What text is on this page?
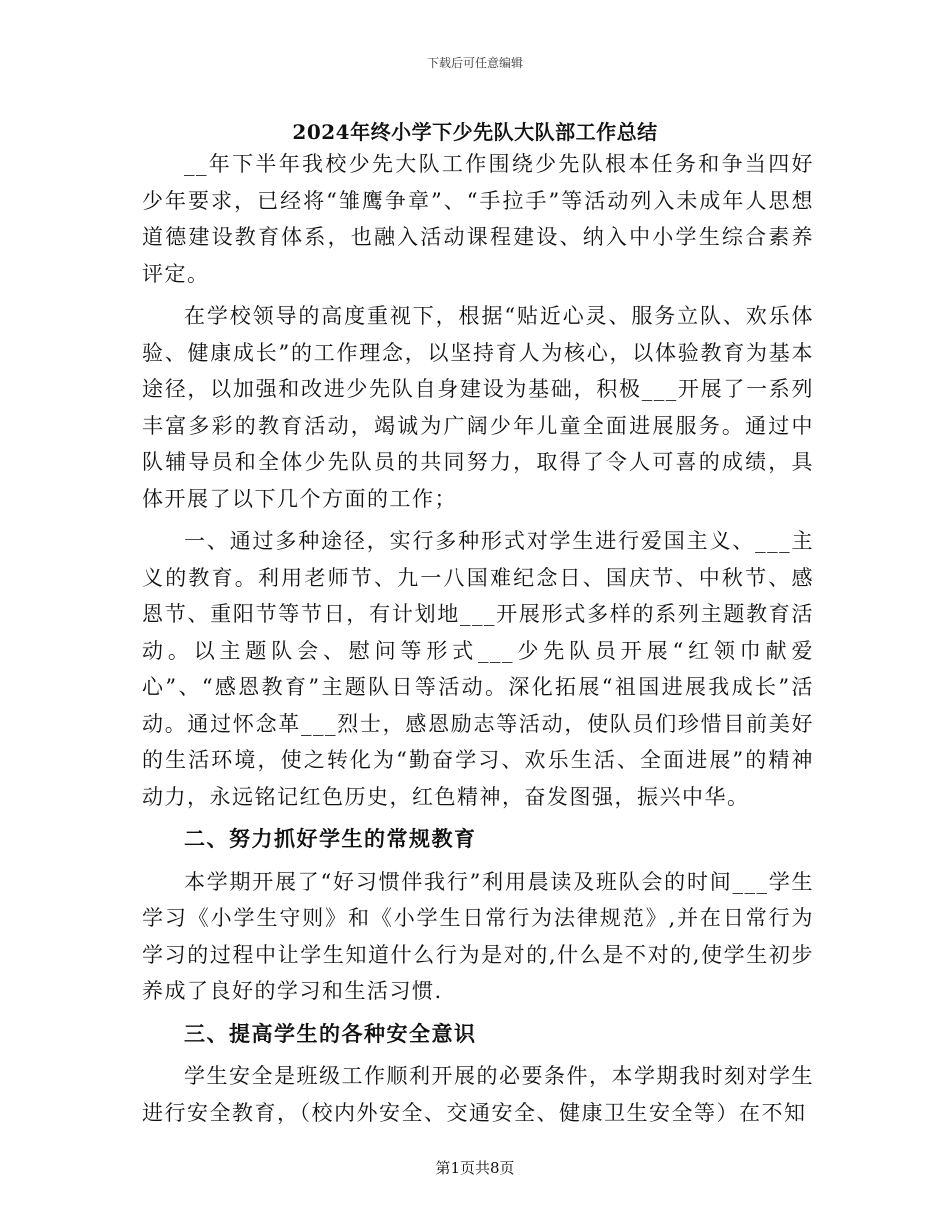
下载后可任意编辑
2024年终小学下少先队大队部工作总结

__年下半年我校少先大队工作围绕少先队根本任务和争当四好少年要求，已经将“雏鹰争章”、“手拉手”等活动列入未成年人思想道德建设教育体系，也融入活动课程建设、纳入中小学生综合素养评定。

在学校领导的高度重视下，根据“贴近心灵、服务立队、欢乐体验、健康成长”的工作理念，以坚持育人为核心，以体验教育为基本途径，以加强和改进少先队自身建设为基础，积极___开展了一系列丰富多彩的教育活动，竭诚为广阔少年儿童全面进展服务。通过中队辅导员和全体少先队员的共同努力，取得了令人可喜的成绩，具体开展了以下几个方面的工作；

一、通过多种途径，实行多种形式对学生进行爱国主义、___主义的教育。利用老师节、九一八国难纪念日、国庆节、中秋节、感恩节、重阳节等节日，有计划地___开展形式多样的系列主题教育活动。以主题队会、慰问等形式___少先队员开展“红领巾献爱心”、“感恩教育”主题队日等活动。深化拓展“祖国进展我成长”活动。通过怀念革___烈士，感恩励志等活动，使队员们珍惜目前美好的生活环境，使之转化为“勤奋学习、欢乐生活、全面进展”的精神动力，永远铭记红色历史，红色精神，奋发图强，振兴中华。

二、努力抓好学生的常规教育

本学期开展了“好习惯伴我行”利用晨读及班队会的时间___学生学习《小学生守则》和《小学生日常行为法律规范》,并在日常行为学习的过程中让学生知道什么行为是对的,什么是不对的,使学生初步养成了良好的学习和生活习惯.

三、提高学生的各种安全意识

学生安全是班级工作顺利开展的必要条件，本学期我时刻对学生进行安全教育，（校内外安全、交通安全、健康卫生安全等）在不知

第1页共8页
